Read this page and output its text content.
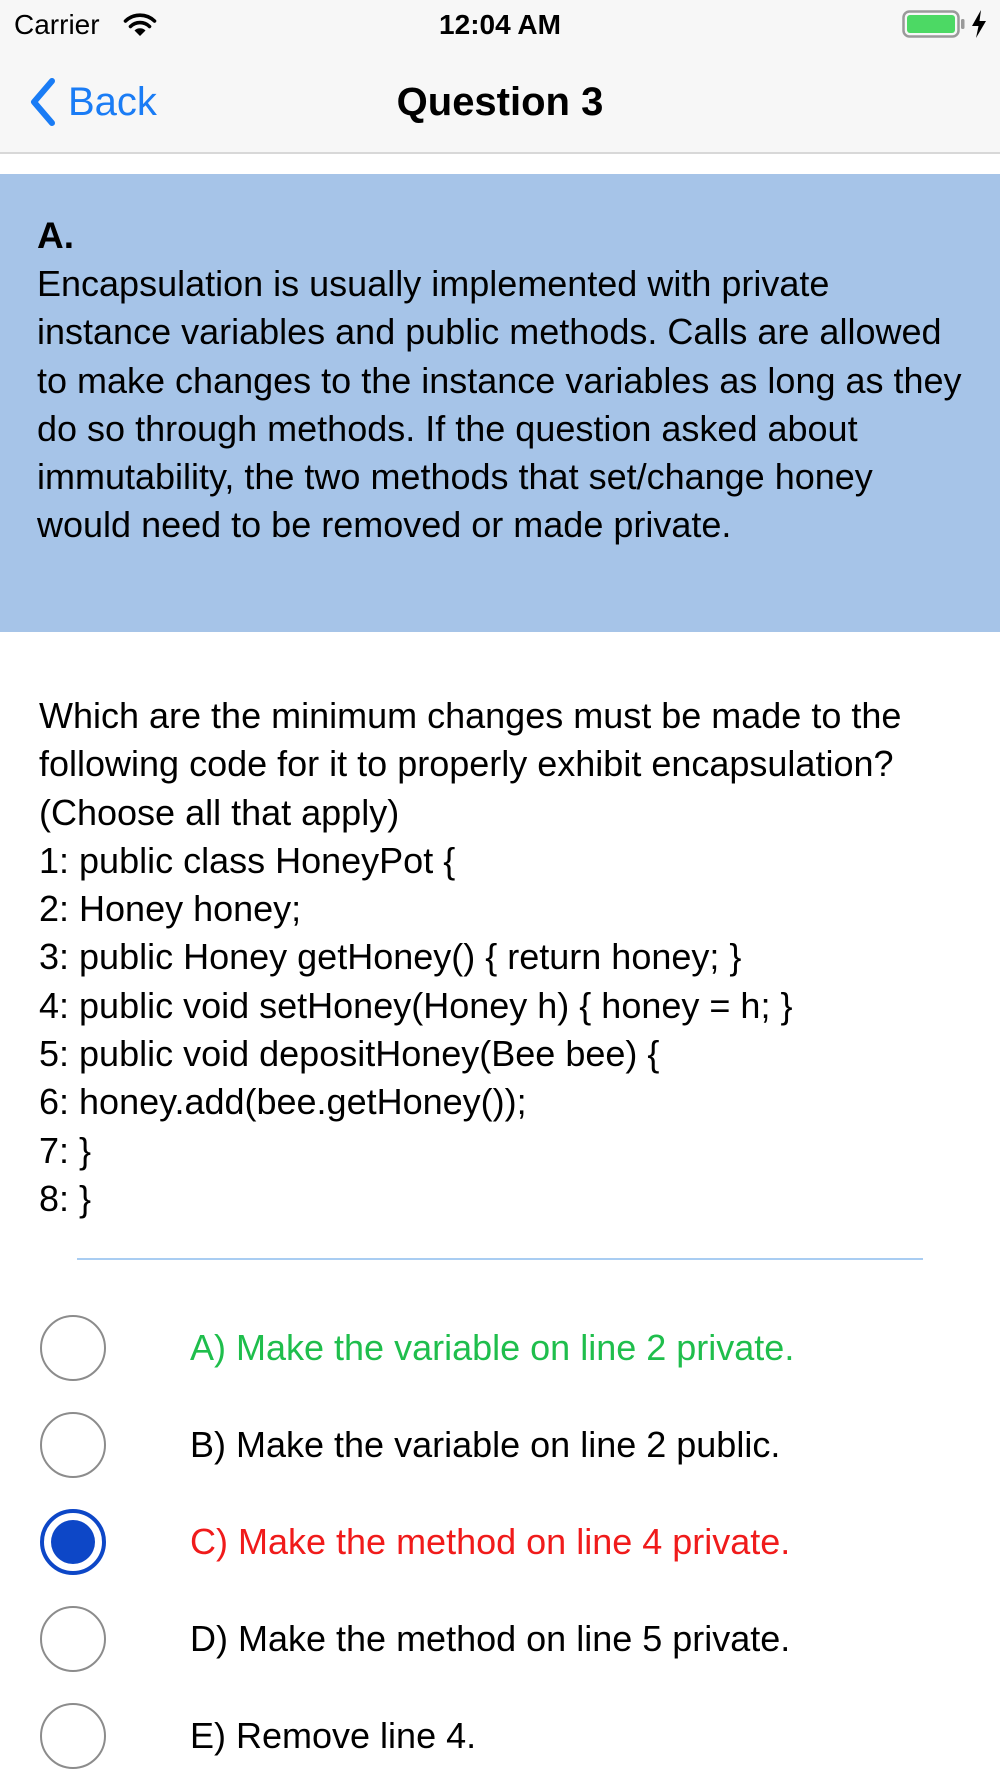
Carrier	12:04 AM
Back	Question 3
A.
Encapsulation is usually implemented with private instance variables and public methods. Calls are allowed to make changes to the instance variables as long as they do so through methods. If the question asked about immutability, the two methods that set/change honey would need to be removed or made private.
Which are the minimum changes must be made to the following code for it to properly exhibit encapsulation? (Choose all that apply)
1: public class HoneyPot {
2: Honey honey;
3: public Honey getHoney() { return honey; }
4: public void setHoney(Honey h) { honey = h; }
5: public void depositHoney(Bee bee) {
6: honey.add(bee.getHoney());
7: }
8: }
A) Make the variable on line 2 private.
B) Make the variable on line 2 public.
C) Make the method on line 4 private.
D) Make the method on line 5 private.
E) Remove line 4.
